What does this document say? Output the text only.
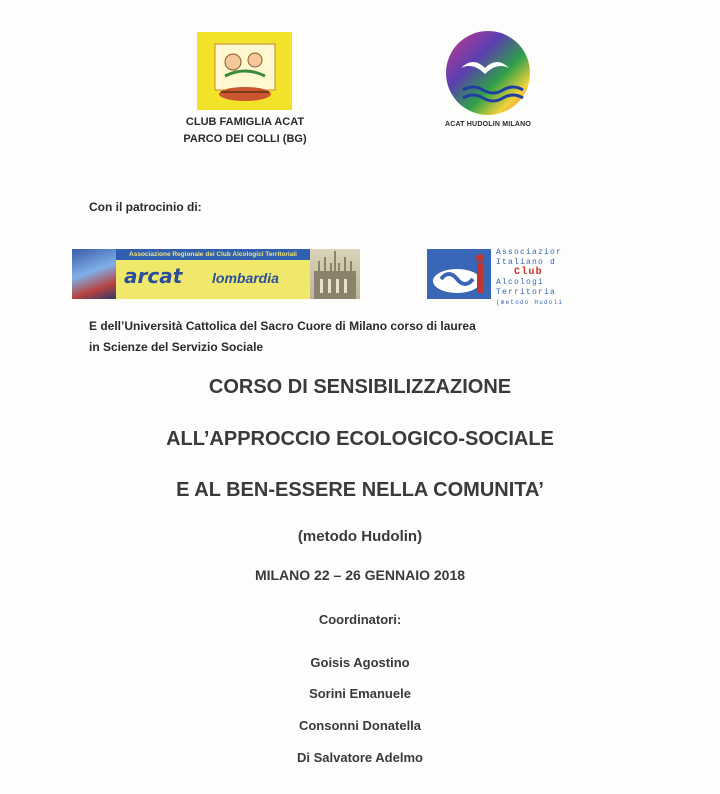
CLUB FAMIGLIA ACAT
PARCO DEI COLLI (BG)
ACAT HUDOLIN MILANO
Con il patrocinio di:
Associazione Regionale dei Club Alcologici Territoriali
arcat lombardia
Associazior
Italiano d
Club
Alcologi
Territoria
(metodo Hudoli
E dell’Università Cattolica del Sacro Cuore di Milano corso di laurea
in Scienze del Servizio Sociale
CORSO DI SENSIBILIZZAZIONE
ALL’APPROCCIO ECOLOGICO-SOCIALE
E AL BEN-ESSERE NELLA COMUNITA’
(metodo Hudolin)
MILANO 22 – 26 GENNAIO 2018
Coordinatori:
Goisis Agostino
Sorini Emanuele
Consonni Donatella
Di Salvatore Adelmo
